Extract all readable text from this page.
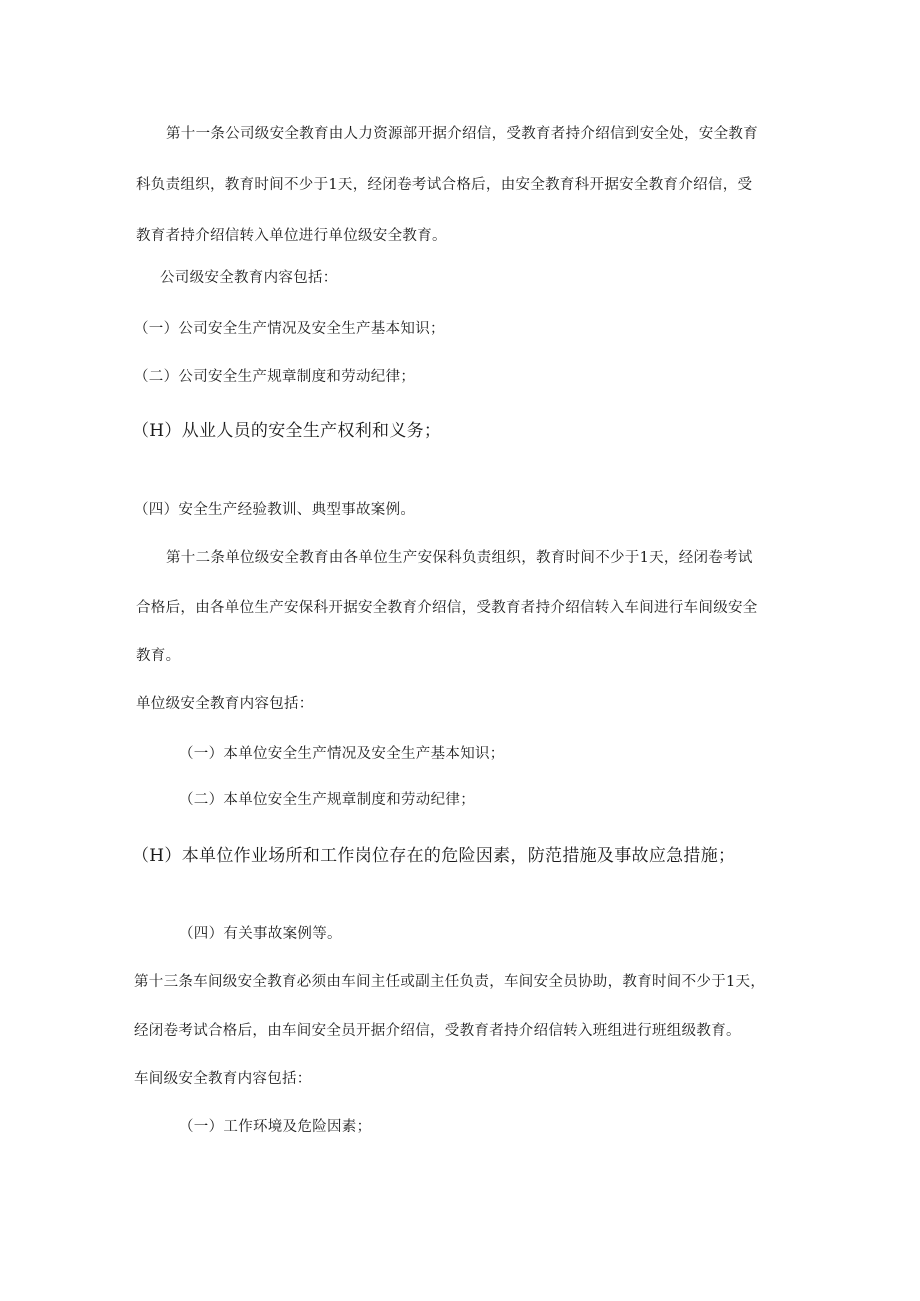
第十一条公司级安全教育由人力资源部开据介绍信，受教育者持介绍信到安全处，安全教育
科负责组织，教育时间不少于1天，经闭卷考试合格后，由安全教育科开据安全教育介绍信，受
教育者持介绍信转入单位进行单位级安全教育。
公司级安全教育内容包括：
（一）公司安全生产情况及安全生产基本知识；
（二）公司安全生产规章制度和劳动纪律；
（H）从业人员的安全生产权利和义务；
（四）安全生产经验教训、典型事故案例。
第十二条单位级安全教育由各单位生产安保科负责组织，教育时间不少于1天，经闭卷考试
合格后，由各单位生产安保科开据安全教育介绍信，受教育者持介绍信转入车间进行车间级安全
教育。
单位级安全教育内容包括：
（一）本单位安全生产情况及安全生产基本知识；
（二）本单位安全生产规章制度和劳动纪律；
（H）本单位作业场所和工作岗位存在的危险因素，防范措施及事故应急措施；
（四）有关事故案例等。
第十三条车间级安全教育必须由车间主任或副主任负责，车间安全员协助，教育时间不少于1天，
经闭卷考试合格后，由车间安全员开据介绍信，受教育者持介绍信转入班组进行班组级教育。
车间级安全教育内容包括：
（一）工作环境及危险因素；
